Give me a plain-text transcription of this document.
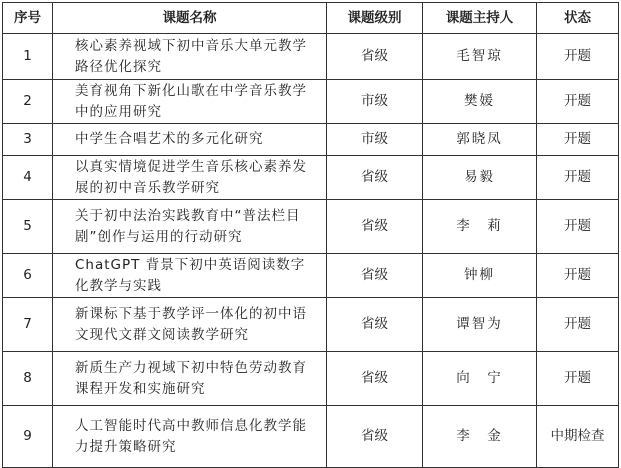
序号	课题名称	课题级别	课题主持人	状态
1	核心素养视域下初中音乐大单元教学路径优化探究	省级	毛智琼	开题
2	美育视角下新化山歌在中学音乐教学中的应用研究	市级	樊媛	开题
3	中学生合唱艺术的多元化研究	市级	郭晓凤	开题
4	以真实情境促进学生音乐核心素养发展的初中音乐教学研究	省级	易毅	开题
5	关于初中法治实践教育中“普法栏目剧”创作与运用的行动研究	省级	李　莉	开题
6	ChatGPT 背景下初中英语阅读数字化教学与实践	省级	钟柳	开题
7	新课标下基于教学评一体化的初中语文现代文群文阅读教学研究	省级	谭智为	开题
8	新质生产力视域下初中特色劳动教育课程开发和实施研究	省级	向　宁	开题
9	人工智能时代高中教师信息化教学能力提升策略研究	省级	李　金	中期检查
